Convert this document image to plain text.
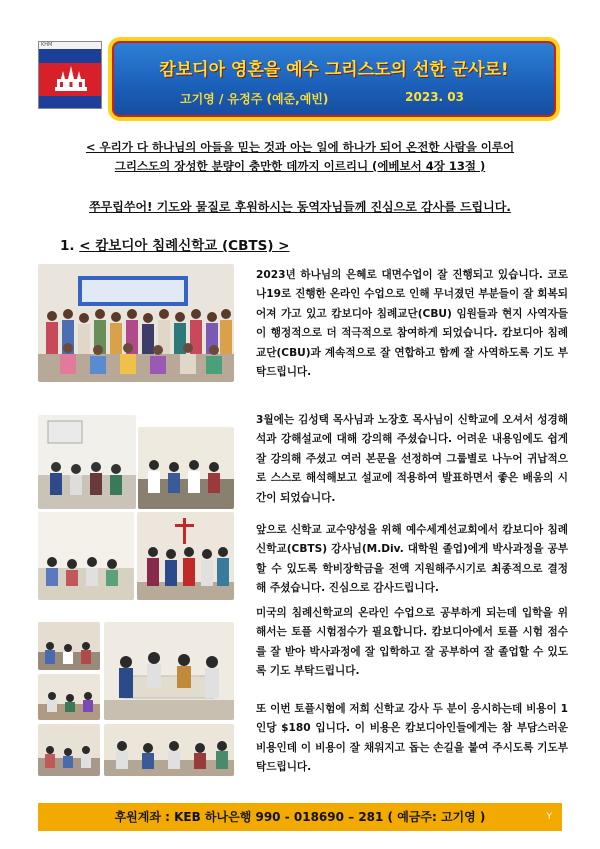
KHM
캄보디아 영혼을 예수 그리스도의 선한 군사로!
고기영 / 유정주 (예준,예빈)	2023. 03
< 우리가 다 하나님의 아들을 믿는 것과 아는 일에 하나가 되어 온전한 사람을 이루어
그리스도의 장성한 분량이 충만한 데까지 이르리니 (에베보서 4장 13절 )
쭈무립쑤어! 기도와 물질로 후원하시는 동역자님들께 진심으로 감사를 드립니다.
1. < 캄보디아 침례신학교 (CBTS) >
2023년 하나님의 은혜로 대면수업이 잘 진행되고 있습니다. 코로나19로 진행한 온라인 수업으로 인해 무너졌던 부분들이 잘 회복되어져 가고 있고 캄보디아 침례교단(CBU) 임원들과 현지 사역자들이 행정적으로 더 적극적으로 참여하게 되었습니다. 캄보디아 침례교단(CBU)과 계속적으로 잘 연합하고 함께 잘 사역하도록 기도 부탁드립니다.
3월에는 김성택 목사님과 노장호 목사님이 신학교에 오셔서 성경해석과 강해설교에 대해 강의해 주셨습니다. 어려운 내용임에도 쉽게 잘 강의해 주셨고 여러 본문을 선정하여 그룹별로 나누어 귀납적으로 스스로 해석해보고 설교에 적용하여 발표하면서 좋은 배움의 시간이 되었습니다.
앞으로 신학교 교수양성을 위해 예수세계선교회에서 캄보디아 침례신학교(CBTS) 강사님(M.Div. 대학원 졸업)에게 박사과정을 공부할 수 있도록 학비장학금을 전액 지원해주시기로 최종적으로 결정해 주셨습니다. 진심으로 감사드립니다.
미국의 침례신학교의 온라인 수업으로 공부하게 되는데 입학을 위해서는 토플 시험점수가 필요합니다. 캄보디아에서 토플 시험 점수를 잘 받아 박사과정에 잘 입학하고 잘 공부하여 잘 졸업할 수 있도록 기도 부탁드립니다.
또 이번 토플시험에 저희 신학교 강사 두 분이 응시하는데 비용이 1인당 $180 입니다. 이 비용은 캄보디아인들에게는 참 부담스러운 비용인데 이 비용이 잘 채워지고 돕는 손길을 붙여 주시도록 기도부탁드립니다.
후원계좌 : KEB 하나은행 990 - 018690 – 281 ( 예금주: 고기영 )	Y
